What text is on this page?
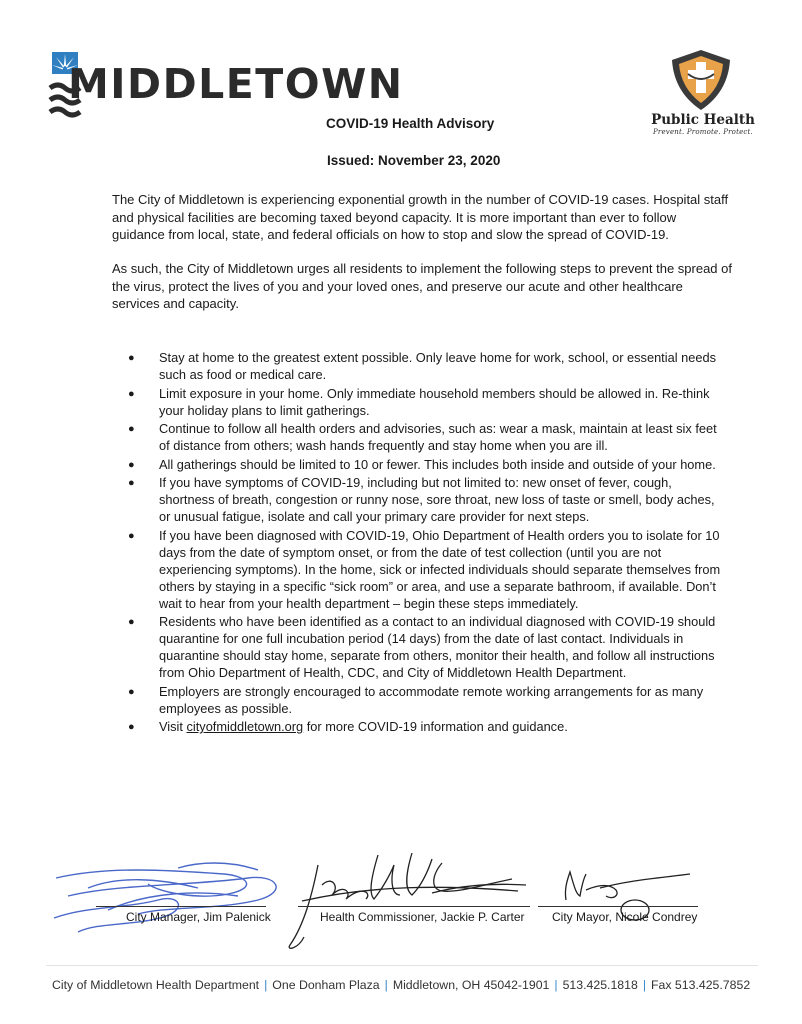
MIDDLETOWN
Public Health
Prevent. Promote. Protect.
COVID-19 Health Advisory
Issued: November 23, 2020
The City of Middletown is experiencing exponential growth in the number of COVID-19 cases. Hospital staff and physical facilities are becoming taxed beyond capacity. It is more important than ever to follow guidance from local, state, and federal officials on how to stop and slow the spread of COVID-19.
As such, the City of Middletown urges all residents to implement the following steps to prevent the spread of the virus, protect the lives of you and your loved ones, and preserve our acute and other healthcare services and capacity.
● Stay at home to the greatest extent possible. Only leave home for work, school, or essential needs such as food or medical care.
● Limit exposure in your home. Only immediate household members should be allowed in. Re-think your holiday plans to limit gatherings.
● Continue to follow all health orders and advisories, such as: wear a mask, maintain at least six feet of distance from others; wash hands frequently and stay home when you are ill.
● All gatherings should be limited to 10 or fewer. This includes both inside and outside of your home.
● If you have symptoms of COVID-19, including but not limited to: new onset of fever, cough, shortness of breath, congestion or runny nose, sore throat, new loss of taste or smell, body aches, or unusual fatigue, isolate and call your primary care provider for next steps.
● If you have been diagnosed with COVID-19, Ohio Department of Health orders you to isolate for 10 days from the date of symptom onset, or from the date of test collection (until you are not experiencing symptoms). In the home, sick or infected individuals should separate themselves from others by staying in a specific “sick room” or area, and use a separate bathroom, if available. Don’t wait to hear from your health department – begin these steps immediately.
● Residents who have been identified as a contact to an individual diagnosed with COVID-19 should quarantine for one full incubation period (14 days) from the date of last contact. Individuals in quarantine should stay home, separate from others, monitor their health, and follow all instructions from Ohio Department of Health, CDC, and City of Middletown Health Department.
● Employers are strongly encouraged to accommodate remote working arrangements for as many employees as possible.
● Visit cityofmiddletown.org for more COVID-19 information and guidance.
City Manager, Jim Palenick	Health Commissioner, Jackie P. Carter City Mayor, Nicole Condrey
City of Middletown Health Department | One Donham Plaza | Middletown, OH 45042-1901 | 513.425.1818 | Fax 513.425.7852
